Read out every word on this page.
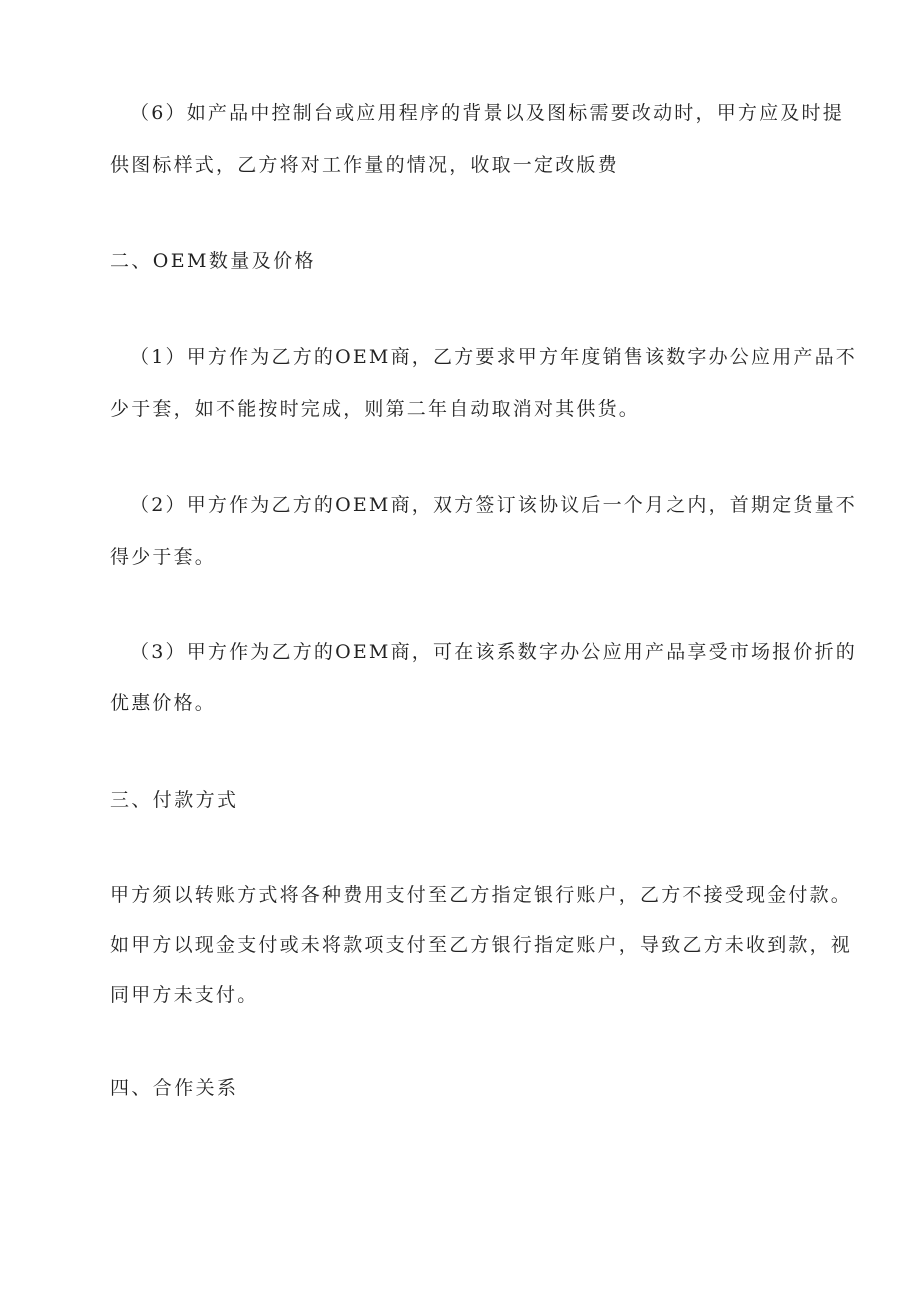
（6）如产品中控制台或应用程序的背景以及图标需要改动时，甲方应及时提
供图标样式，乙方将对工作量的情况，收取一定改版费
二、OEM数量及价格
（1）甲方作为乙方的OEM商，乙方要求甲方年度销售该数字办公应用产品不
少于套，如不能按时完成，则第二年自动取消对其供货。
（2）甲方作为乙方的OEM商，双方签订该协议后一个月之内，首期定货量不
得少于套。
（3）甲方作为乙方的OEM商，可在该系数字办公应用产品享受市场报价折的
优惠价格。
三、付款方式
甲方须以转账方式将各种费用支付至乙方指定银行账户，乙方不接受现金付款。
如甲方以现金支付或未将款项支付至乙方银行指定账户，导致乙方未收到款，视
同甲方未支付。
四、合作关系
